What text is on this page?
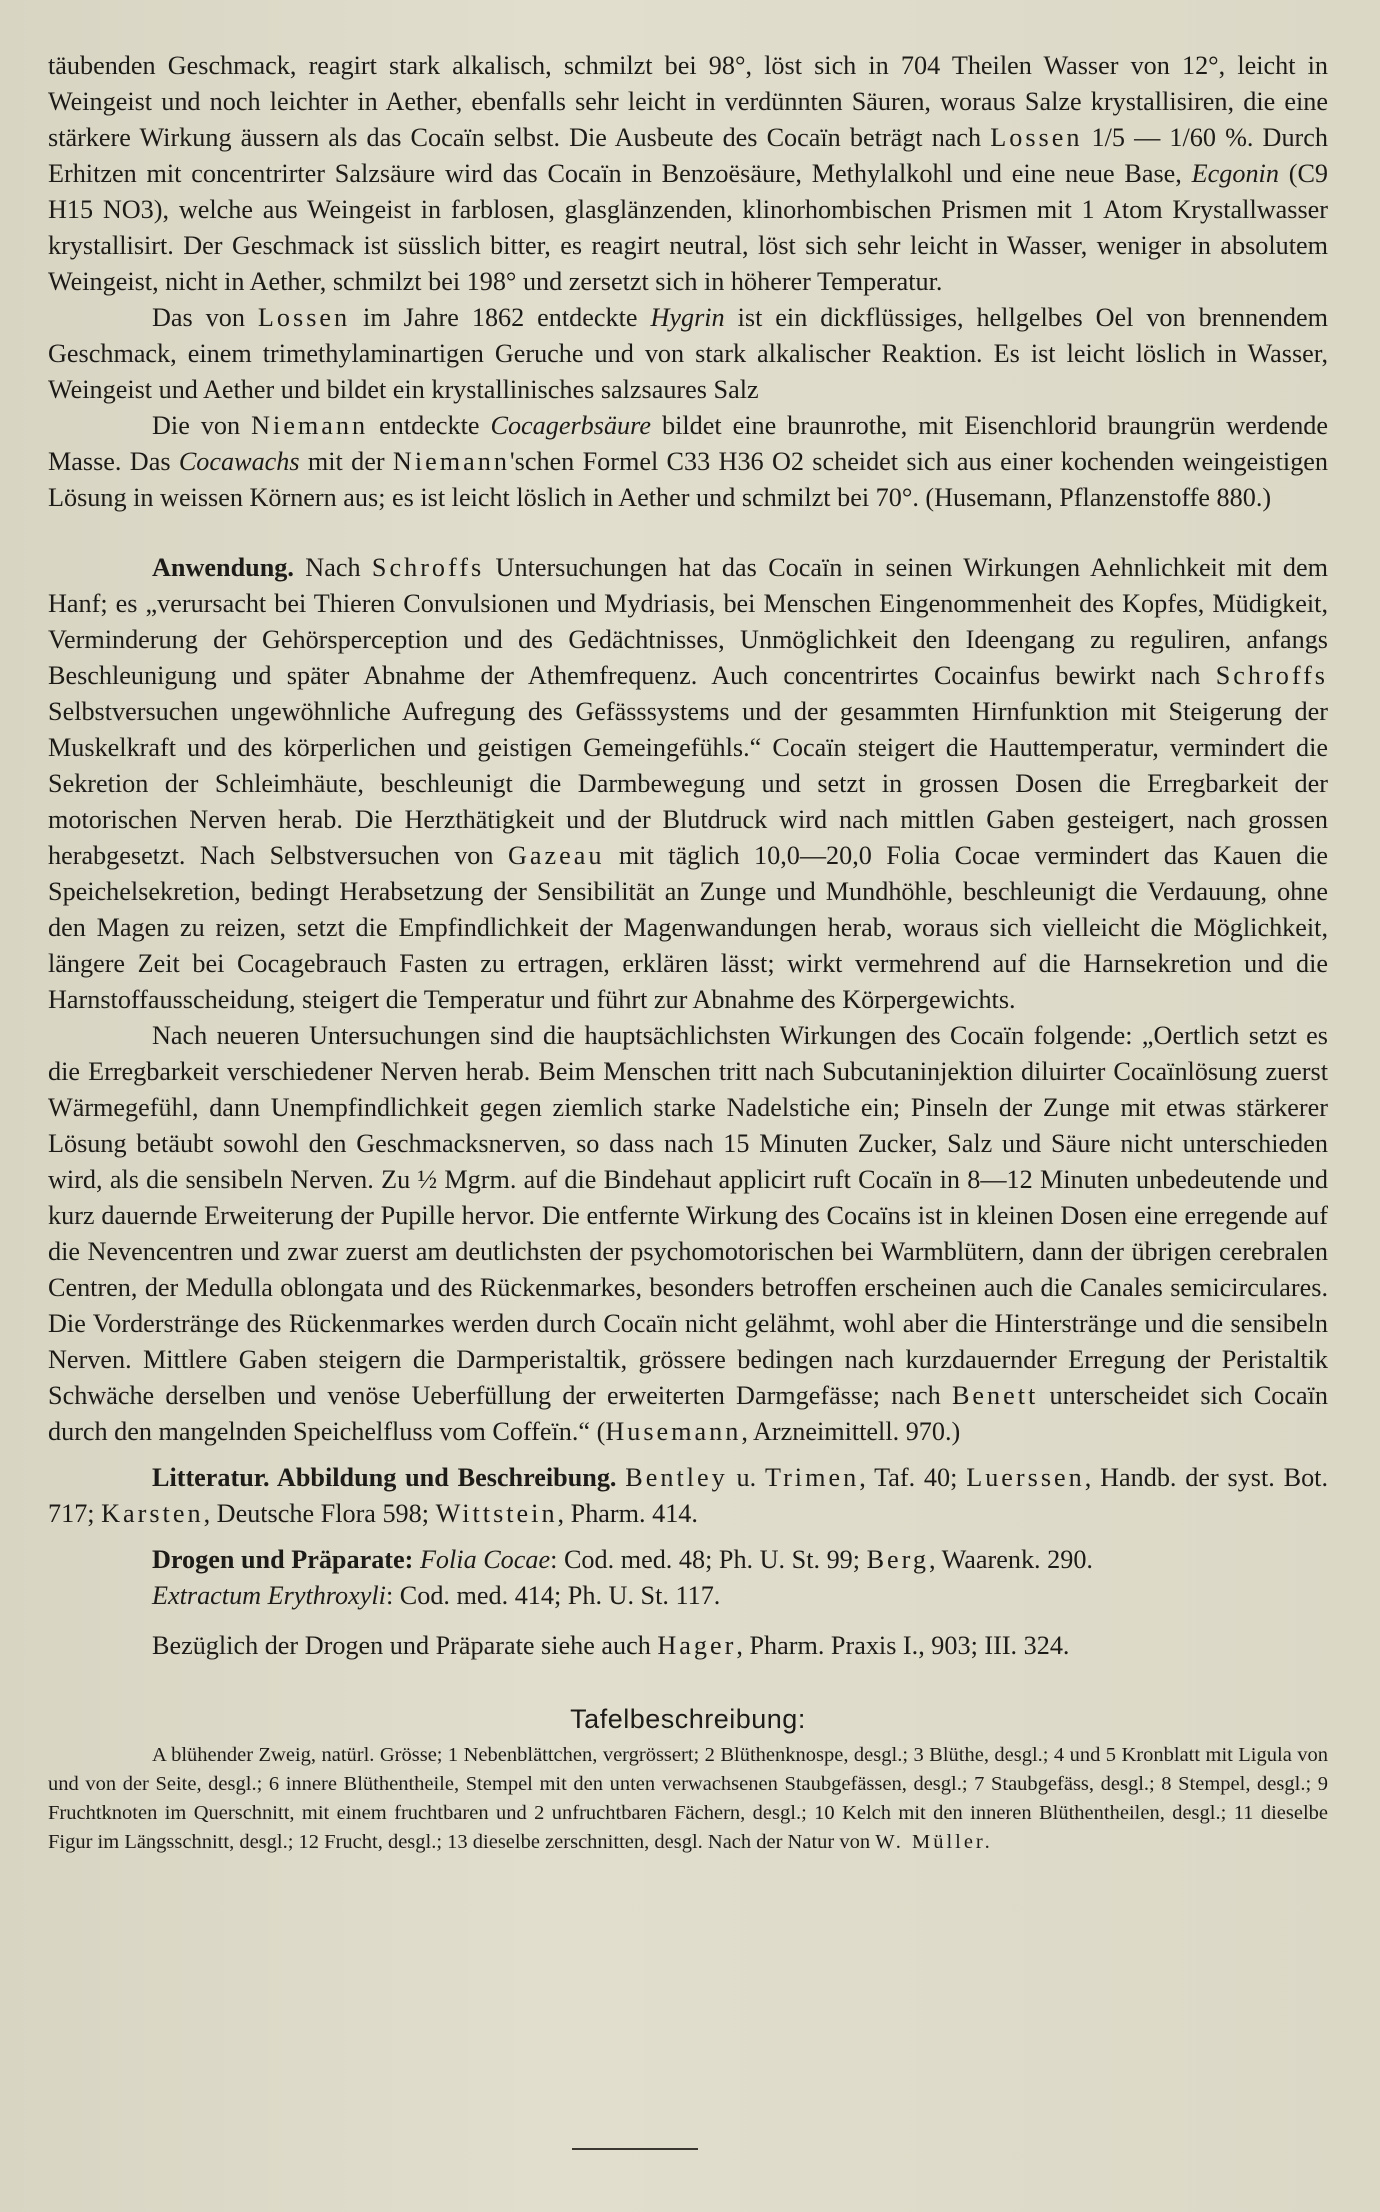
täubenden Geschmack, reagirt stark alkalisch, schmilzt bei 98°, löst sich in 704 Theilen Wasser von 12°, leicht in Weingeist und noch leichter in Aether, ebenfalls sehr leicht in verdünnten Säuren, woraus Salze krystallisiren, die eine stärkere Wirkung äussern als das Cocaïn selbst. Die Ausbeute des Cocaïn beträgt nach Lossen 1/5 — 1/60 %. Durch Erhitzen mit concentrirter Salzsäure wird das Cocaïn in Benzoësäure, Methylalkohl und eine neue Base, Ecgonin (C9 H15 NO3), welche aus Weingeist in farblosen, glasglänzenden, klinorhombischen Prismen mit 1 Atom Krystallwasser krystallisirt. Der Geschmack ist süsslich bitter, es reagirt neutral, löst sich sehr leicht in Wasser, weniger in absolutem Weingeist, nicht in Aether, schmilzt bei 198° und zersetzt sich in höherer Temperatur.

Das von Lossen im Jahre 1862 entdeckte Hygrin ist ein dickflüssiges, hellgelbes Oel von brennendem Geschmack, einem trimethylaminartigen Geruche und von stark alkalischer Reaktion. Es ist leicht löslich in Wasser, Weingeist und Aether und bildet ein krystallinisches salzsaures Salz

Die von Niemann entdeckte Cocagerbsäure bildet eine braunrothe, mit Eisenchlorid braungrün werdende Masse. Das Cocawachs mit der Niemann'schen Formel C33 H36 O2 scheidet sich aus einer kochenden weingeistigen Lösung in weissen Körnern aus; es ist leicht löslich in Aether und schmilzt bei 70°. (Husemann, Pflanzenstoffe 880.)

Anwendung. Nach Schroffs Untersuchungen hat das Cocaïn in seinen Wirkungen Aehnlichkeit mit dem Hanf; es „verursacht bei Thieren Convulsionen und Mydriasis, bei Menschen Eingenommenheit des Kopfes, Müdigkeit, Verminderung der Gehörsperception und des Gedächtnisses, Unmöglichkeit den Ideengang zu reguliren, anfangs Beschleunigung und später Abnahme der Athemfrequenz. Auch concentrirtes Cocainfus bewirkt nach Schroffs Selbstversuchen ungewöhnliche Aufregung des Gefässsystems und der gesammten Hirnfunktion mit Steigerung der Muskelkraft und des körperlichen und geistigen Gemeingefühls.“ Cocaïn steigert die Hauttemperatur, vermindert die Sekretion der Schleimhäute, beschleunigt die Darmbewegung und setzt in grossen Dosen die Erregbarkeit der motorischen Nerven herab. Die Herzthätigkeit und der Blutdruck wird nach mittlen Gaben gesteigert, nach grossen herabgesetzt. Nach Selbstversuchen von Gazeau mit täglich 10,0—20,0 Folia Cocae vermindert das Kauen die Speichelsekretion, bedingt Herabsetzung der Sensibilität an Zunge und Mundhöhle, beschleunigt die Verdauung, ohne den Magen zu reizen, setzt die Empfindlichkeit der Magenwandungen herab, woraus sich vielleicht die Möglichkeit, längere Zeit bei Cocagebrauch Fasten zu ertragen, erklären lässt; wirkt vermehrend auf die Harnsekretion und die Harnstoffausscheidung, steigert die Temperatur und führt zur Abnahme des Körpergewichts.

Nach neueren Untersuchungen sind die hauptsächlichsten Wirkungen des Cocaïn folgende: „Oertlich setzt es die Erregbarkeit verschiedener Nerven herab. Beim Menschen tritt nach Subcutaninjektion diluirter Cocaïnlösung zuerst Wärmegefühl, dann Unempfindlichkeit gegen ziemlich starke Nadelstiche ein; Pinseln der Zunge mit etwas stärkerer Lösung betäubt sowohl den Geschmacksnerven, so dass nach 15 Minuten Zucker, Salz und Säure nicht unterschieden wird, als die sensibeln Nerven. Zu ½ Mgrm. auf die Bindehaut applicirt ruft Cocaïn in 8—12 Minuten unbedeutende und kurz dauernde Erweiterung der Pupille hervor. Die entfernte Wirkung des Cocaïns ist in kleinen Dosen eine erregende auf die Nevencentren und zwar zuerst am deutlichsten der psychomotorischen bei Warmblütern, dann der übrigen cerebralen Centren, der Medulla oblongata und des Rückenmarkes, besonders betroffen erscheinen auch die Canales semicirculares. Die Vorderstränge des Rückenmarkes werden durch Cocaïn nicht gelähmt, wohl aber die Hinterstränge und die sensibeln Nerven. Mittlere Gaben steigern die Darmperistaltik, grössere bedingen nach kurzdauernder Erregung der Peristaltik Schwäche derselben und venöse Ueberfüllung der erweiterten Darmgefässe; nach Benett unterscheidet sich Cocaïn durch den mangelnden Speichelfluss vom Coffeïn.“ (Husemann, Arzneimittell. 970.)

Litteratur. Abbildung und Beschreibung. Bentley u. Trimen, Taf. 40; Luerssen, Handb. der syst. Bot. 717; Karsten, Deutsche Flora 598; Wittstein, Pharm. 414.

Drogen und Präparate: Folia Cocae: Cod. med. 48; Ph. U. St. 99; Berg, Waarenk. 290.
Extractum Erythroxyli: Cod. med. 414; Ph. U. St. 117.

Bezüglich der Drogen und Präparate siehe auch Hager, Pharm. Praxis I., 903; III. 324.

Tafelbeschreibung:

A blühender Zweig, natürl. Grösse; 1 Nebenblättchen, vergrössert; 2 Blüthenknospe, desgl.; 3 Blüthe, desgl.; 4 und 5 Kronblatt mit Ligula von und von der Seite, desgl.; 6 innere Blüthentheile, Stempel mit den unten verwachsenen Staubgefässen, desgl.; 7 Staubgefäss, desgl.; 8 Stempel, desgl.; 9 Fruchtknoten im Querschnitt, mit einem fruchtbaren und 2 unfruchtbaren Fächern, desgl.; 10 Kelch mit den inneren Blüthentheilen, desgl.; 11 dieselbe Figur im Längsschnitt, desgl.; 12 Frucht, desgl.; 13 dieselbe zerschnitten, desgl. Nach der Natur von W. Müller.
